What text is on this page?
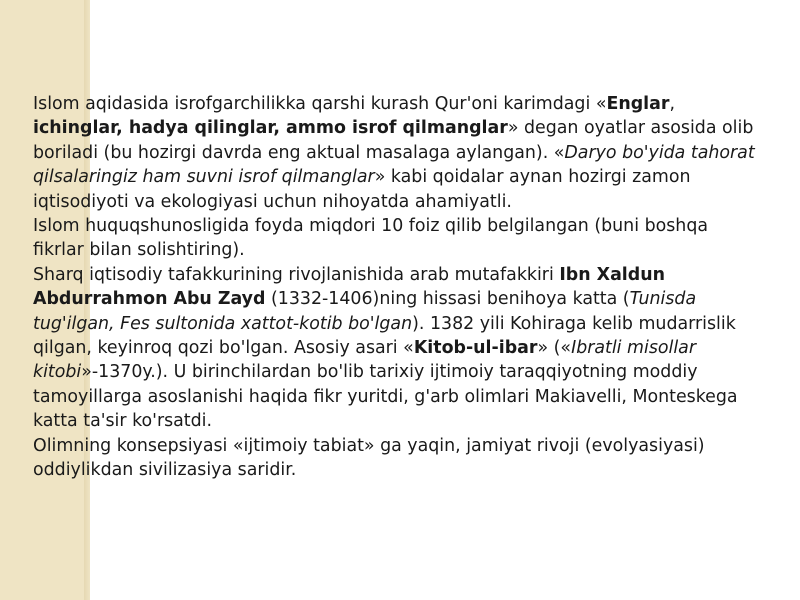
Islom aqidasida isrofgarchilikka qarshi kurash Qur'oni karimdagi «Englar, ichinglar, hadya qilinglar, ammo isrof qilmanglar» degan oyatlar asosida olib boriladi (bu hozirgi davrda eng aktual masalaga aylangan). «Daryo bo'yida tahorat qilsalaringiz ham suvni isrof qilmanglar» kabi qoidalar aynan hozirgi zamon iqtisodiyoti va ekologiyasi uchun nihoyatda ahamiyatli.

Islom huquqshunosligida foyda miqdori 10 foiz qilib belgilangan (buni boshqa fikrlar bilan solishtiring).

Sharq iqtisodiy tafakkurining rivojlanishida arab mutafakkiri Ibn Xaldun Abdurrahmon Abu Zayd (1332-1406)ning hissasi benihoya katta (Tunisda tug'ilgan, Fes sultonida xattot-kotib bo'lgan). 1382 yili Kohiraga kelib mudarrislik qilgan, keyinroq qozi bo'lgan. Asosiy asari «Kitob-ul-ibar» («Ibratli misollar kitobi»-1370y.). U birinchilardan bo'lib tarixiy ijtimoiy taraqqiyotning moddiy tamoyillarga asoslanishi haqida fikr yuritdi, g'arb olimlari Makiavelli, Monteskega katta ta'sir ko'rsatdi.

Olimning konsepsiyasi «ijtimoiy tabiat» ga yaqin, jamiyat rivoji (evolyasiyasi) oddiylikdan sivilizasiya saridir.
